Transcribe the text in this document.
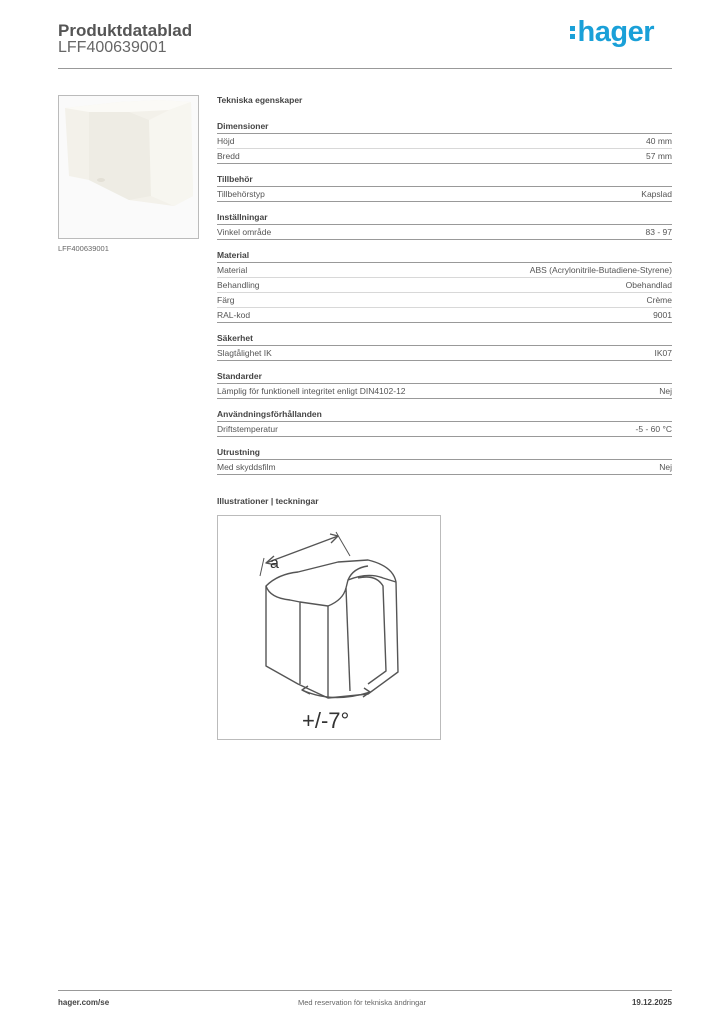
Produktdatablad
LFF400639001	hager
LFF400639001
Tekniska egenskaper
Dimensioner
Höjd	40 mm
Bredd	57 mm
Tillbehör
Tillbehörstyp	Kapslad
Inställningar
Vinkel område	83 - 97
Material
Material	ABS (Acrylonitrile-Butadiene-Styrene)
Behandling	Obehandlad
Färg	Crème
RAL-kod	9001
Säkerhet
Slagtålighet IK	IK07
Standarder
Lämplig för funktionell integritet enligt DIN4102-12	Nej
Användningsförhållanden
Driftstemperatur	-5 - 60 °C
Utrustning
Med skyddsfilm	Nej
Illustrationer | teckningar
a
+/-7°
hager.com/se	Med reservation för tekniska ändringar	19.12.2025
